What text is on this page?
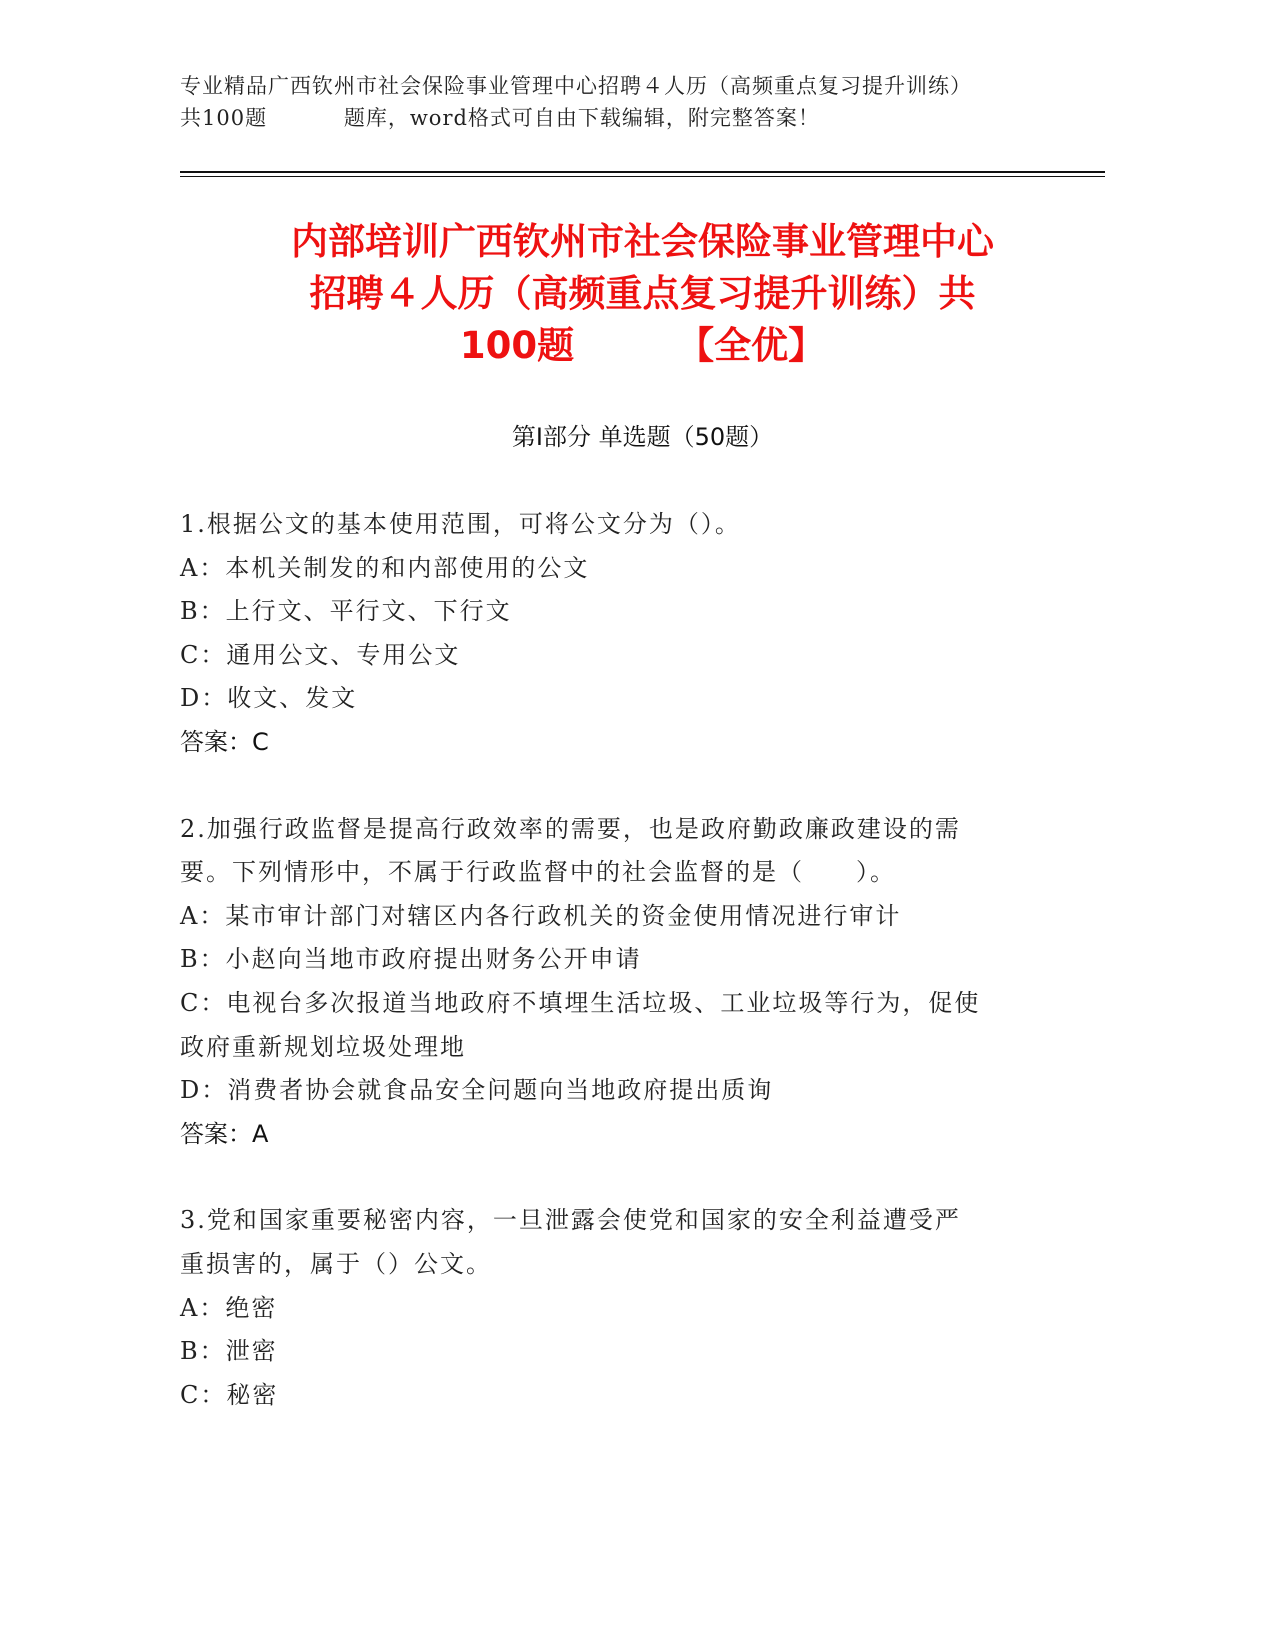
专业精品广西钦州市社会保险事业管理中心招聘４人历（高频重点复习提升训练）
共100题          题库，word格式可自由下载编辑，附完整答案！
内部培训广西钦州市社会保险事业管理中心
招聘４人历（高频重点复习提升训练）共
100题        【全优】
第Ⅰ部分 单选题（50题）
1.根据公文的基本使用范围，可将公文分为（）。
A：本机关制发的和内部使用的公文
B：上行文、平行文、下行文
C：通用公文、专用公文
D：收文、发文
答案：C
2.加强行政监督是提高行政效率的需要，也是政府勤政廉政建设的需
要。下列情形中，不属于行政监督中的社会监督的是（　　）。
A：某市审计部门对辖区内各行政机关的资金使用情况进行审计
B：小赵向当地市政府提出财务公开申请
C：电视台多次报道当地政府不填埋生活垃圾、工业垃圾等行为，促使
政府重新规划垃圾处理地
D：消费者协会就食品安全问题向当地政府提出质询
答案：A
3.党和国家重要秘密内容，一旦泄露会使党和国家的安全利益遭受严
重损害的，属于（）公文。
A：绝密
B：泄密
C：秘密
